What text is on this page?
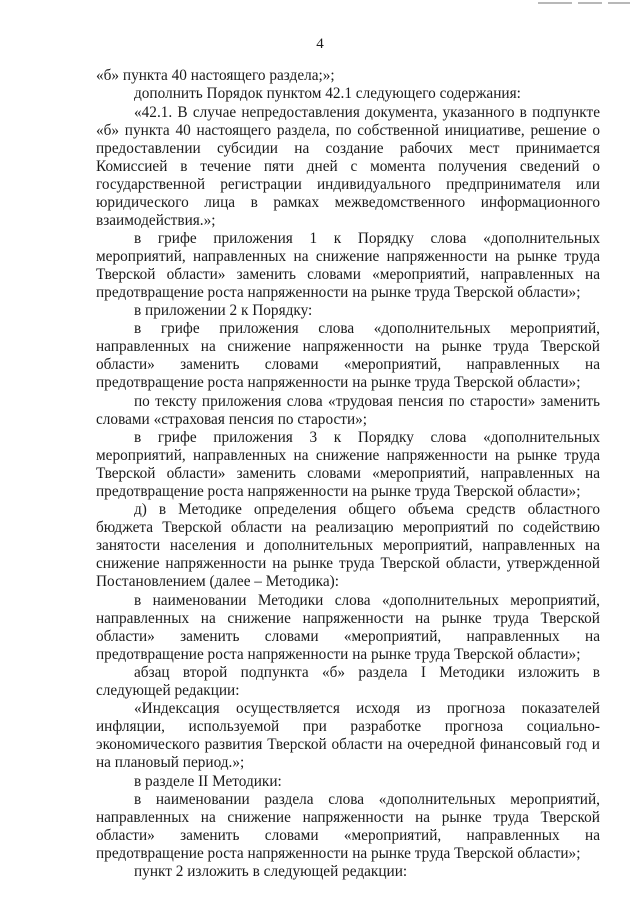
4

«б» пункта 40 настоящего раздела;»;

дополнить Порядок пунктом 42.1 следующего содержания:

«42.1. В случае непредоставления документа, указанного в подпункте «б» пункта 40 настоящего раздела, по собственной инициативе, решение о предоставлении субсидии на создание рабочих мест принимается Комиссией в течение пяти дней с момента получения сведений о государственной регистрации индивидуального предпринимателя или юридического лица в рамках межведомственного информационного взаимодействия.»;

в грифе приложения 1 к Порядку слова «дополнительных мероприятий, направленных на снижение напряженности на рынке труда Тверской области» заменить словами «мероприятий, направленных на предотвращение роста напряженности на рынке труда Тверской области»;

в приложении 2 к Порядку:

в грифе приложения слова «дополнительных мероприятий, направленных на снижение напряженности на рынке труда Тверской области» заменить словами «мероприятий, направленных на предотвращение роста напряженности на рынке труда Тверской области»;

по тексту приложения слова «трудовая пенсия по старости» заменить словами «страховая пенсия по старости»;

в грифе приложения 3 к Порядку слова «дополнительных мероприятий, направленных на снижение напряженности на рынке труда Тверской области» заменить словами «мероприятий, направленных на предотвращение роста напряженности на рынке труда Тверской области»;

д) в Методике определения общего объема средств областного бюджета Тверской области на реализацию мероприятий по содействию занятости населения и дополнительных мероприятий, направленных на снижение напряженности на рынке труда Тверской области, утвержденной Постановлением (далее – Методика):

в наименовании Методики слова «дополнительных мероприятий, направленных на снижение напряженности на рынке труда Тверской области» заменить словами «мероприятий, направленных на предотвращение роста напряженности на рынке труда Тверской области»;

абзац второй подпункта «б» раздела I Методики изложить в следующей редакции:

«Индексация осуществляется исходя из прогноза показателей инфляции, используемой при разработке прогноза социально-экономического развития Тверской области на очередной финансовый год и на плановый период.»;

в разделе II Методики:

в наименовании раздела слова «дополнительных мероприятий, направленных на снижение напряженности на рынке труда Тверской области» заменить словами «мероприятий, направленных на предотвращение роста напряженности на рынке труда Тверской области»;

пункт 2 изложить в следующей редакции:
